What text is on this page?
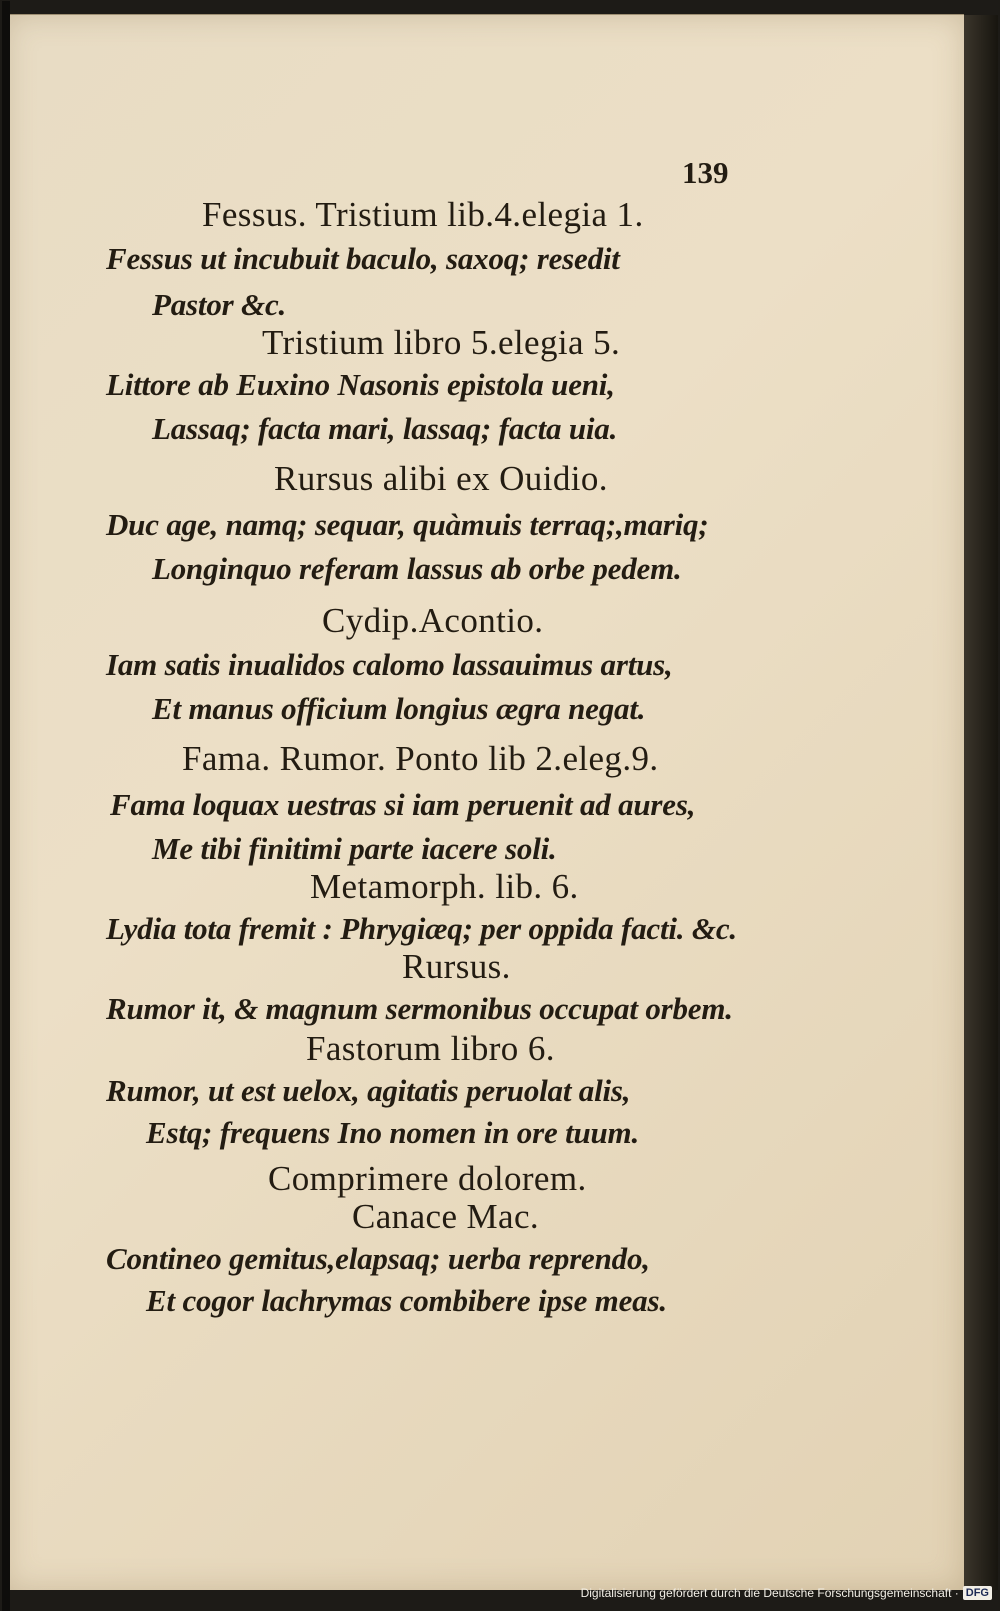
139
Fessus. Tristium lib.4.elegia 1.
Fessus ut incubuit baculo, saxoq; resedit
Pastor &c.
Tristium libro 5.elegia 5.
Littore ab Euxino Nasonis epistola ueni,
Lassaq; facta mari, lassaq; facta uia.
Rursus alibi ex Ouidio.
Duc age, namq; sequar, quàmuis terraq;,mariq;
Longinquo referam lassus ab orbe pedem.
Cydip.Acontio.
Iam satis inualidos calomo lassauimus artus,
Et manus officium longius ægra negat.
Fama. Rumor. Ponto lib 2.eleg.9.
Fama loquax uestras si iam peruenit ad aures,
Me tibi finitimi parte iacere soli.
Metamorph. lib. 6.
Lydia tota fremit : Phrygiæq; per oppida facti. &c.
Rursus.
Rumor it, & magnum sermonibus occupat orbem.
Fastorum libro 6.
Rumor, ut est uelox, agitatis peruolat alis,
Estq; frequens Ino nomen in ore tuum.
Comprimere dolorem.
Canace Mac.
Contineo gemitus,elapsaq; uerba reprendo,
Et cogor lachrymas combibere ipse meas.
Digitalisierung gefördert durch die Deutsche Forschungsgemeinschaft · DFG
